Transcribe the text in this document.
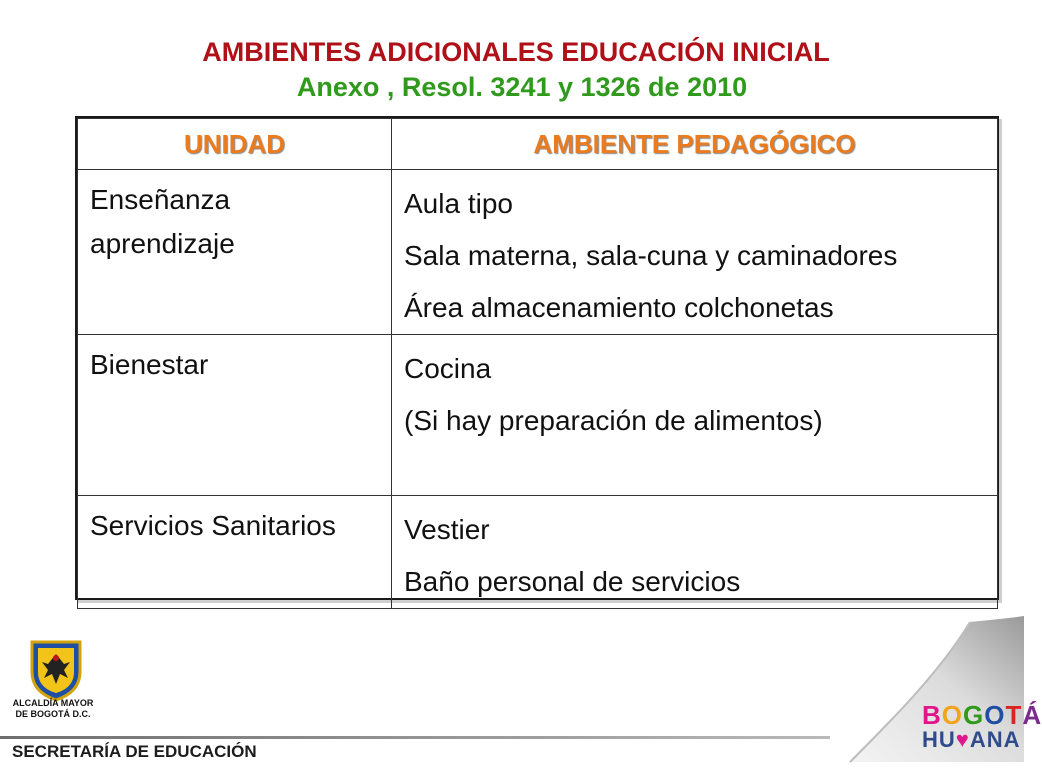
AMBIENTES ADICIONALES EDUCACIÓN INICIAL
Anexo , Resol. 3241 y 1326 de 2010
UNIDAD	AMBIENTE PEDAGÓGICO

Enseñanza aprendizaje	Aula tipo
Sala materna, sala-cuna y caminadores
Área almacenamiento colchonetas

Bienestar	Cocina
(Si hay preparación de alimentos)

Servicios Sanitarios	Vestier
Baño personal de servicios
ALCALDÍA MAYOR
DE BOGOTÁ D.C.	BOGOTÁ
HU♥ANA
SECRETARÍA DE EDUCACIÓN
